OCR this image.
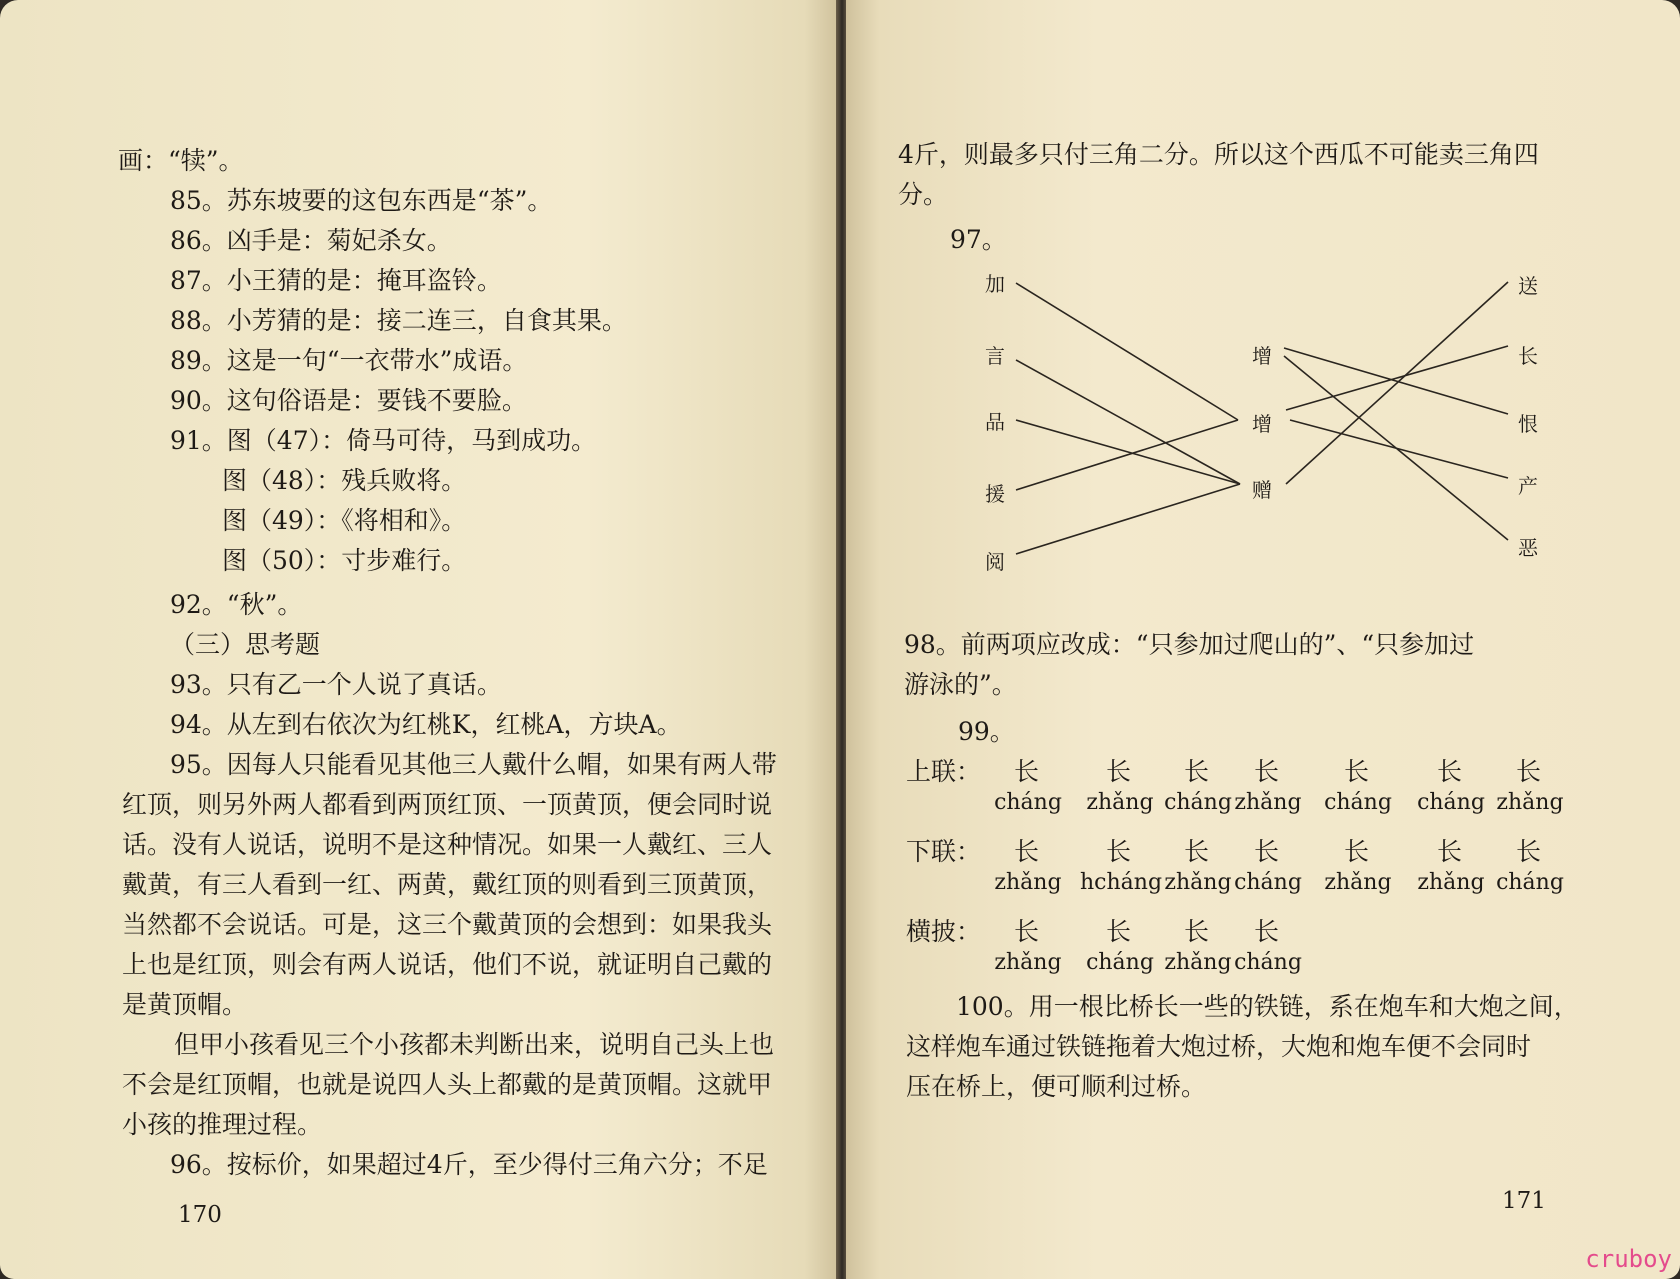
画：“犊”。
85。苏东坡要的这包东西是“茶”。
86。凶手是：菊妃杀女。
87。小王猜的是：掩耳盗铃。
88。小芳猜的是：接二连三，自食其果。
89。这是一句“一衣带水”成语。
90。这句俗语是：要钱不要脸。
91。图（47）：倚马可待，马到成功。
图（48）：残兵败将。
图（49）：《将相和》。
图（50）：寸步难行。
92。“秋”。
（三）思考题
93。只有乙一个人说了真话。
94。从左到右依次为红桃K，红桃A，方块A。
95。因每人只能看见其他三人戴什么帽，如果有两人带
红顶，则另外两人都看到两顶红顶、一顶黄顶，便会同时说
话。没有人说话，说明不是这种情况。如果一人戴红、三人
戴黄，有三人看到一红、两黄，戴红顶的则看到三顶黄顶，
当然都不会说话。可是，这三个戴黄顶的会想到：如果我头
上也是红顶，则会有两人说话，他们不说，就证明自己戴的
是黄顶帽。
但甲小孩看见三个小孩都未判断出来，说明自己头上也
不会是红顶帽，也就是说四人头上都戴的是黄顶帽。这就甲
小孩的推理过程。
96。按标价，如果超过4斤，至少得付三角六分；不足
170
4斤，则最多只付三角二分。所以这个西瓜不可能卖三角四
分。
97。
98。前两项应改成：“只参加过爬山的”、“只参加过
游泳的”。
99。
上联：
下联：
横披：
100。用一根比桥长一些的铁链，系在炮车和大炮之间，
这样炮车通过铁链拖着大炮过桥，大炮和炮车便不会同时
压在桥上，便可顺利过桥。
171
长
cháng
长
zhǎng
长
cháng
长
zhǎng
长
cháng
长
cháng
长
zhǎng
长
zhǎng
长
hcháng
长
zhǎng
长
cháng
长
zhǎng
长
zhǎng
长
cháng
长
zhǎng
长
cháng
长
zhǎng
长
cháng
加
言
品
援
阅
增
增
赠
送
长
恨
产
恶
cruboy
